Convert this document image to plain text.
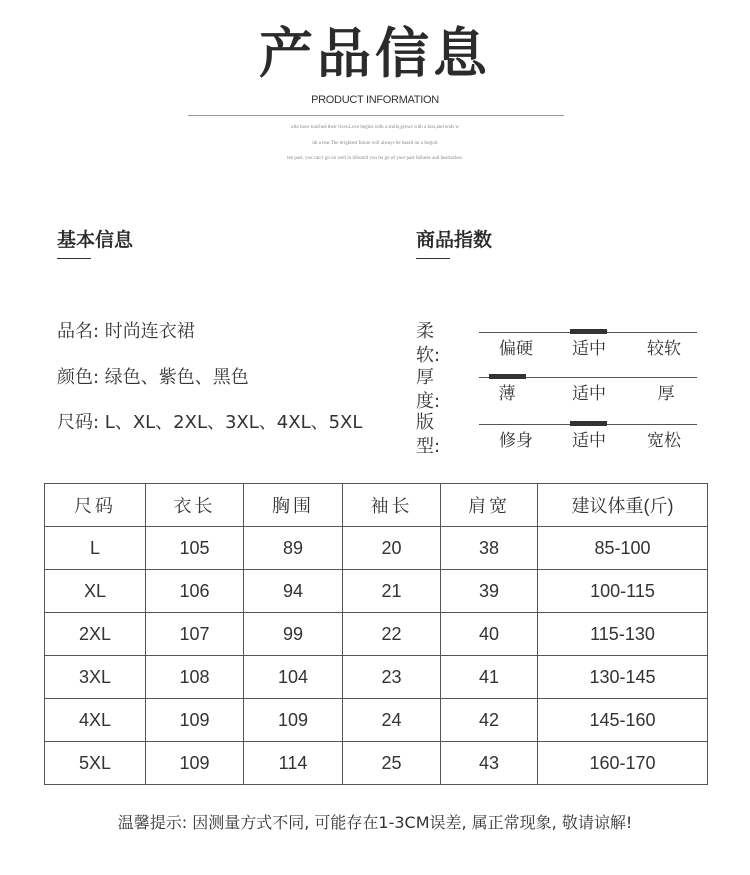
产品信息
PRODUCT INFORMATION
ulto have touched their lives.Love begins with a smile,grows with a kiss,and ends w
ith a tear.The brightest future will always be based on a forgott
ten past, you can’t go on well in lifeuntil you let go of your past failures and heartaches.
基本信息
品名: 时尚连衣裙
颜色: 绿色、紫色、黑色
尺码: L、XL、2XL、3XL、4XL、5XL
商品指数
柔软:	偏硬	适中	较软
厚度:	薄	适中	厚
版型:	修身	适中	宽松
尺码	衣长	胸围	袖长	肩宽	建议体重(斤)
L	105	89	20	38	85-100
XL	106	94	21	39	100-115
2XL	107	99	22	40	115-130
3XL	108	104	23	41	130-145
4XL	109	109	24	42	145-160
5XL	109	114	25	43	160-170
温馨提示: 因测量方式不同, 可能存在1-3CM误差, 属正常现象, 敬请谅解!
